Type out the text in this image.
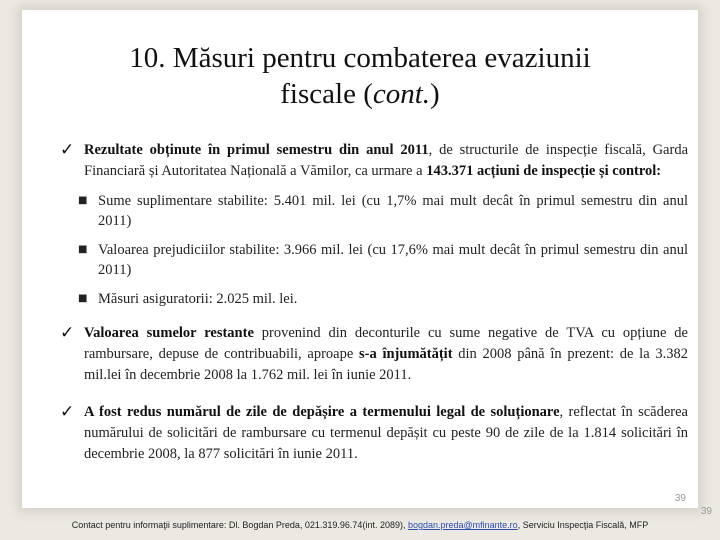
10. Măsuri pentru combaterea evaziunii
fiscale (cont.)
✓ Rezultate obținute în primul semestru din anul 2011, de structurile de inspecție fiscală, Garda Financiară și Autoritatea Națională a Vămilor, ca urmare a 143.371 acțiuni de inspecție și control:
■ Sume suplimentare stabilite: 5.401 mil. lei (cu 1,7% mai mult decât în primul semestru din anul 2011)
■ Valoarea prejudiciilor stabilite: 3.966 mil. lei (cu 17,6% mai mult decât în primul semestru din anul 2011)
■ Măsuri asiguratorii: 2.025 mil. lei.
✓ Valoarea sumelor restante provenind din deconturile cu sume negative de TVA cu opțiune de rambursare, depuse de contribuabili, aproape s-a înjumătățit din 2008 până în prezent: de la 3.382 mil.lei în decembrie 2008 la 1.762 mil. lei în iunie 2011.
✓ A fost redus numărul de zile de depășire a termenului legal de soluționare, reflectat în scăderea numărului de solicitări de rambursare cu termenul depășit cu peste 90 de zile de la 1.814 solicitări în decembrie 2008, la 877 solicitări în iunie 2011.
39
39
Contact pentru informaţii suplimentare: Dl. Bogdan Preda, 021.319.96.74(int. 2089), bogdan.preda@mfinante.ro, Serviciu Inspecţia Fiscală, MFP
